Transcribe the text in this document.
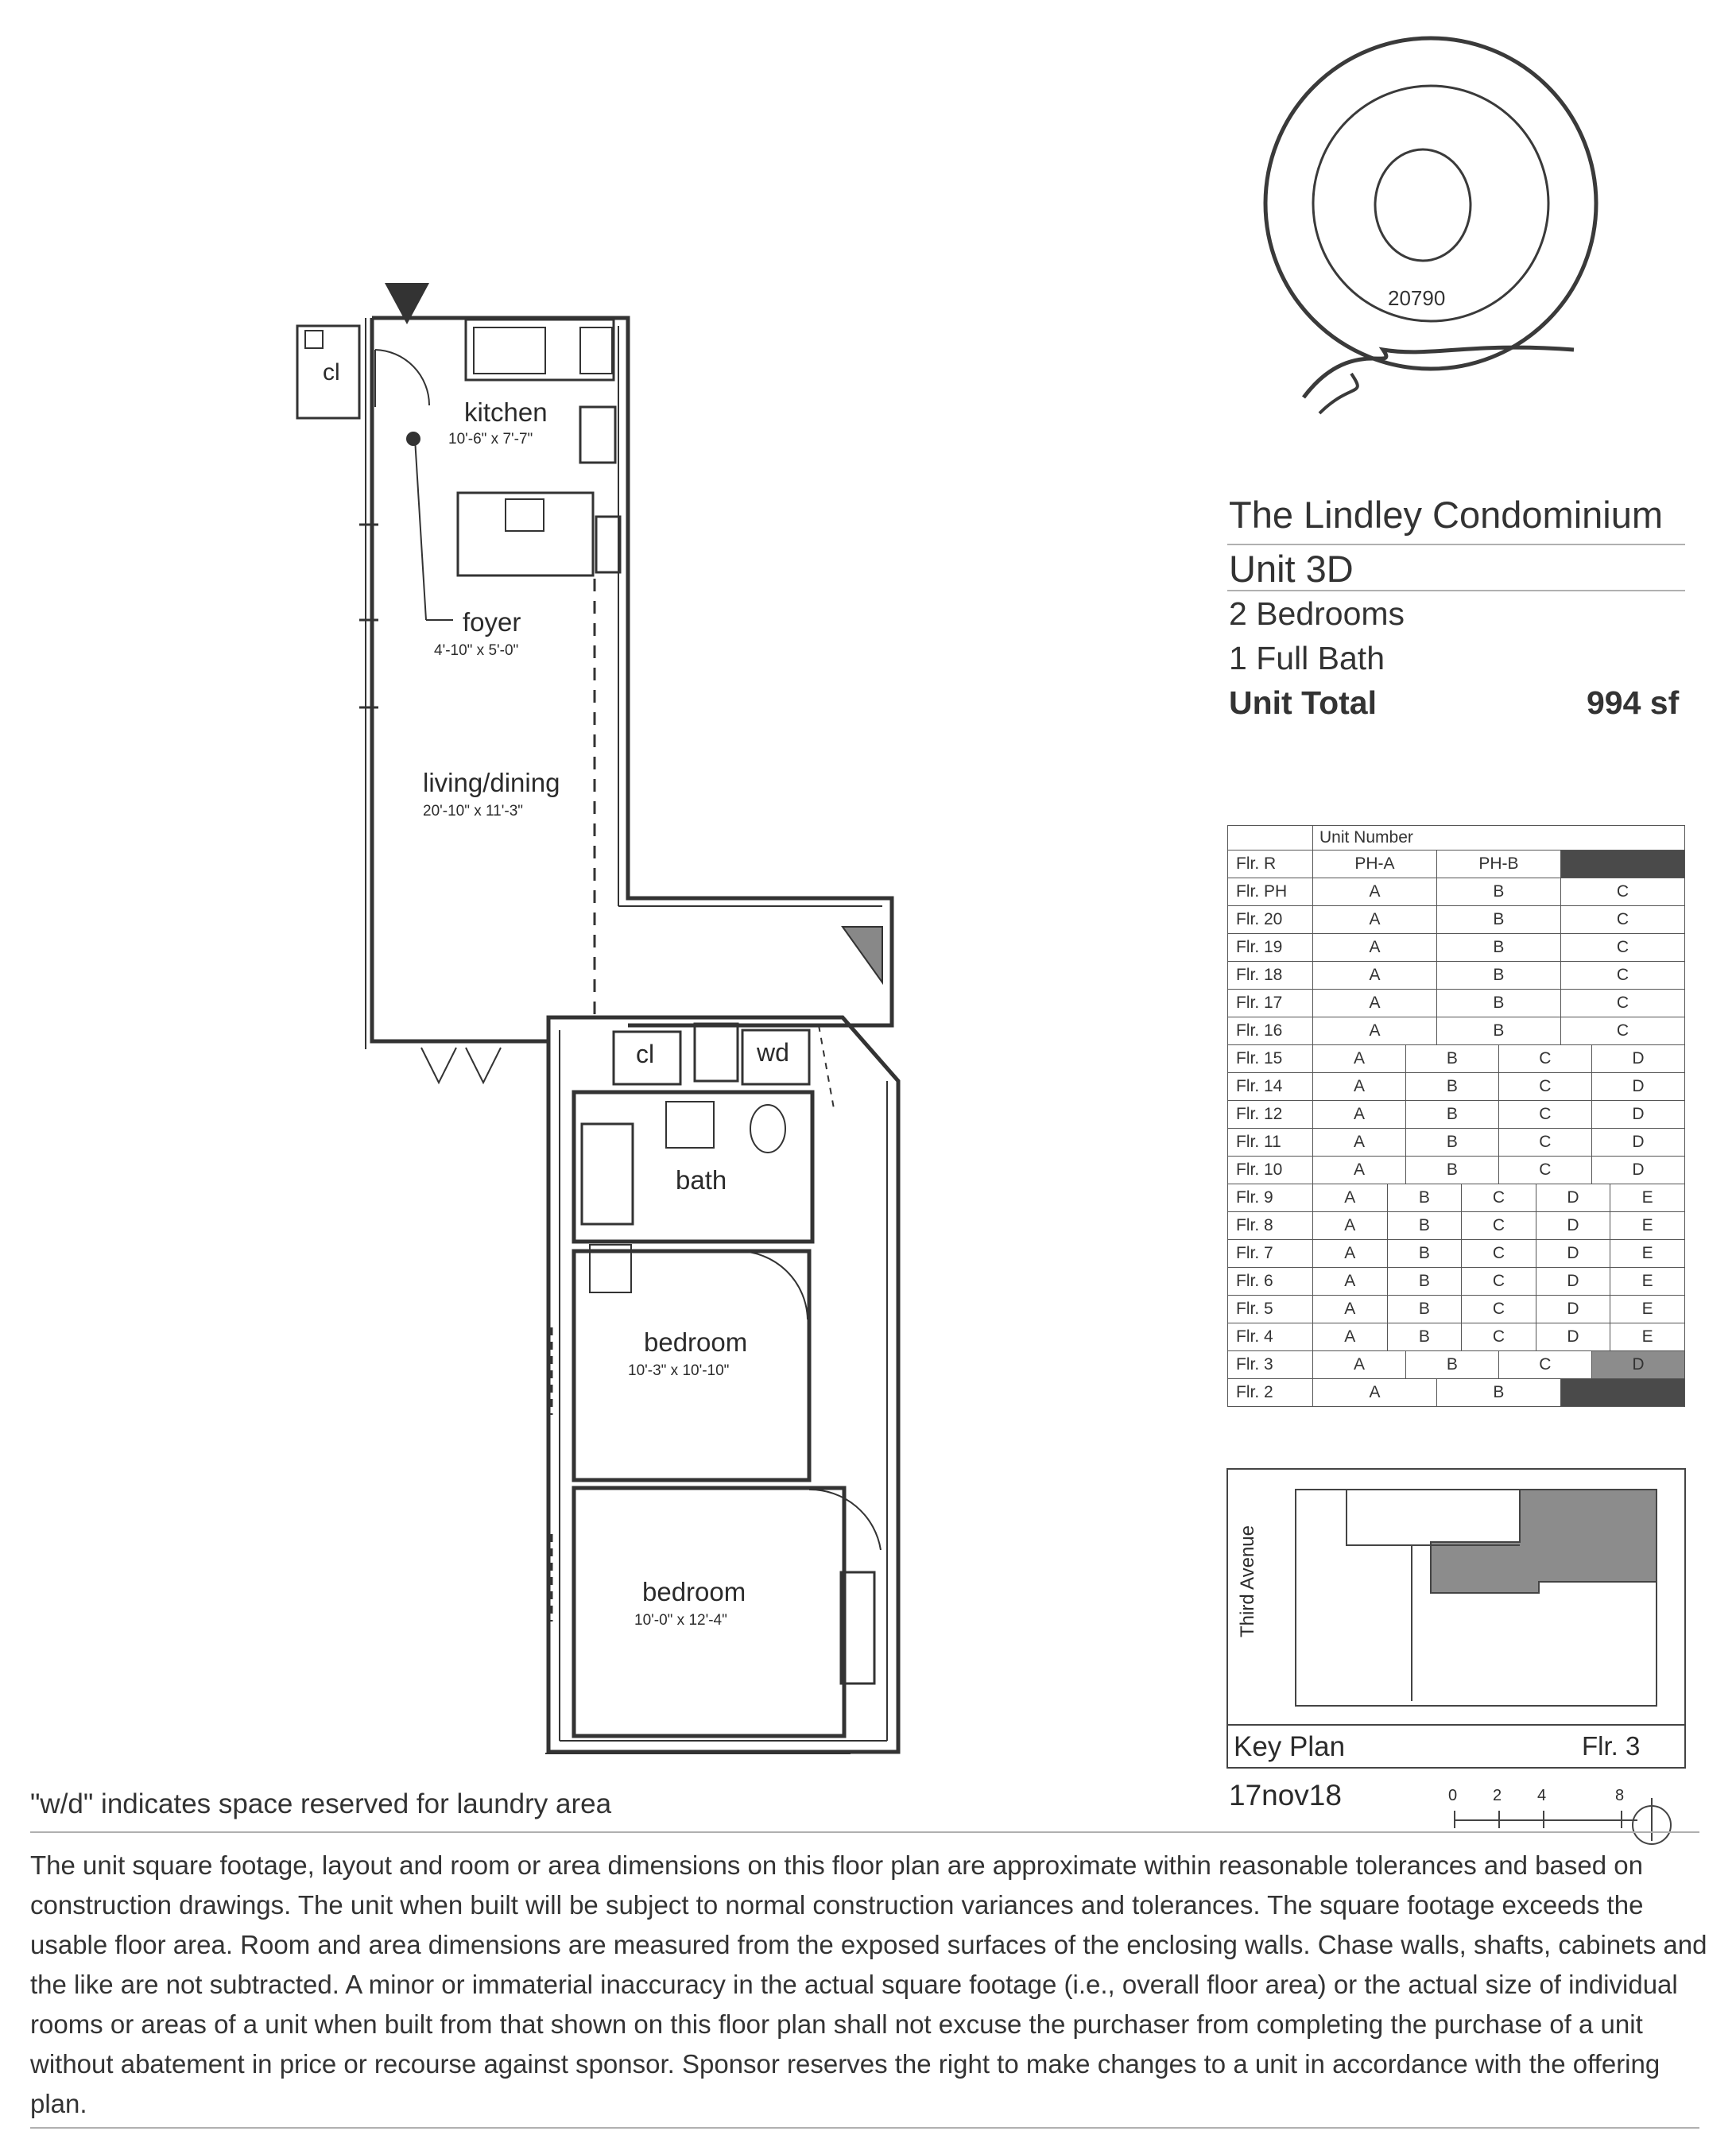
20790
kitchen
10'-6" x 7'-7"
cl
foyer
4'-10" x 5'-0"
living/dining
20'-10" x 11'-3"
cl	wd
bath
bedroom
10'-3" x 10'-10"
bedroom
10'-0" x 12'-4"
The Lindley Condominium
Unit 3D
2 Bedrooms
1 Full Bath
Unit Total	994 sf
	Unit Number									
Flr. R	PH-A			PH-B						
Flr. PH	A			B				C		
Flr. 20	A			B				C		
Flr. 19	A			B				C		
Flr. 18	A			B				C		
Flr. 17	A			B				C		
Flr. 16	A			B				C		
Flr. 15	A		B			C			D	
Flr. 14	A		B			C			D	
Flr. 12	A		B			C			D	
Flr. 11	A		B			C			D	
Flr. 10	A		B			C			D	
Flr. 9	A	B			C		D			E
Flr. 8	A	B			C		D			E
Flr. 7	A	B			C		D			E
Flr. 6	A	B			C		D			E
Flr. 5	A	B			C		D			E
Flr. 4	A	B			C		D			E
Flr. 3	A		B			C			D	
Flr. 2	A			B						
Third Avenue
Key Plan	Flr. 3
17nov18	0 2 4	8
"w/d" indicates space reserved for laundry area
The unit square footage, layout and room or area dimensions on this floor plan are approximate within reasonable tolerances and based on construction drawings. The unit when built will be subject to normal construction variances and tolerances. The square footage exceeds the usable floor area. Room and area dimensions are measured from the exposed surfaces of the enclosing walls. Chase walls, shafts, cabinets and the like are not subtracted. A minor or immaterial inaccuracy in the actual square footage (i.e., overall floor area) or the actual size of individual rooms or areas of a unit when built from that shown on this floor plan shall not excuse the purchaser from completing the purchase of a unit without abatement in price or recourse against sponsor. Sponsor reserves the right to make changes to a unit in accordance with the offering plan.
